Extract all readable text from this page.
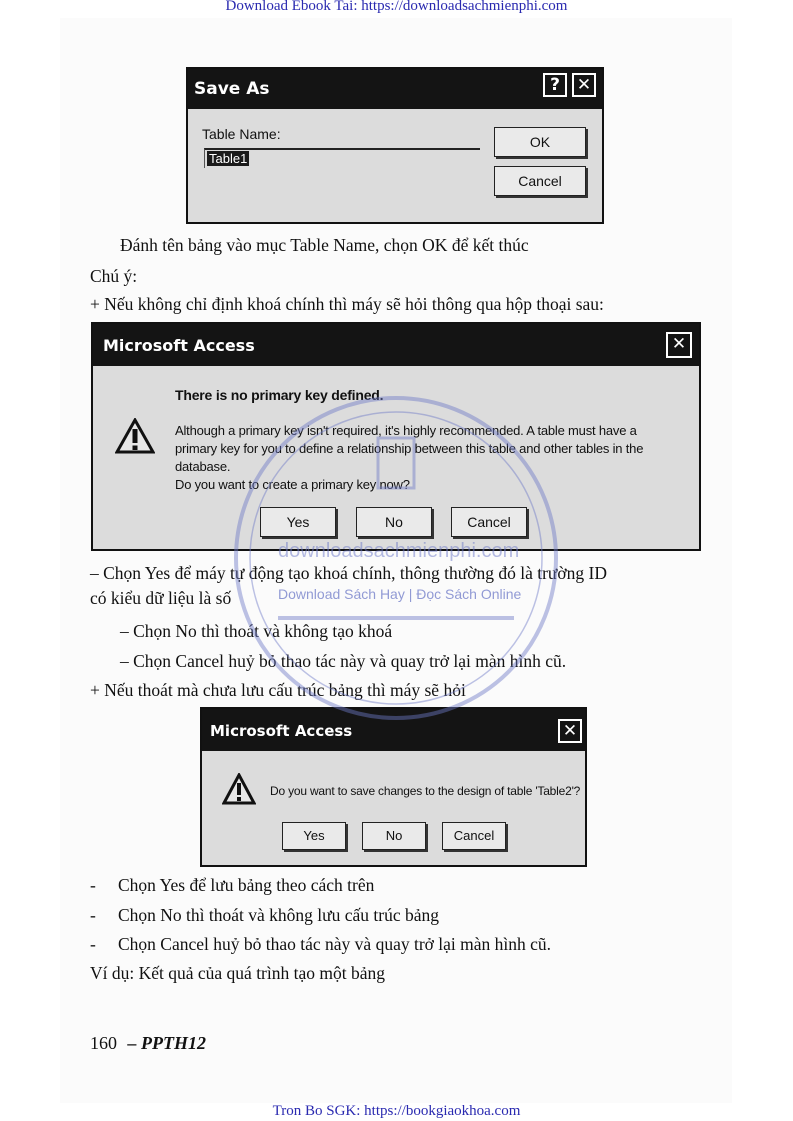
Download Ebook Tai: https://downloadsachmienphi.com
Save As	? ✕
Table Name:
Table1
OK
Cancel
Đánh tên bảng vào mục Table Name, chọn OK để kết thúc
Chú ý:
+ Nếu không chỉ định khoá chính thì máy sẽ hỏi thông qua hộp thoại sau:
Microsoft Access	✕
There is no primary key defined.
Although a primary key isn't required, it's highly recommended. A table must have a
primary key for you to define a relationship between this table and other tables in the
database.
Do you want to create a primary key now?
Yes	No	Cancel
– Chọn Yes để máy tự động tạo khoá chính, thông thường đó là trường ID
có kiểu dữ liệu là số
– Chọn No thì thoát và không tạo khoá
– Chọn Cancel huỷ bỏ thao tác này và quay trở lại màn hình cũ.
+ Nếu thoát mà chưa lưu cấu trúc bảng thì máy sẽ hỏi
Microsoft Access	✕
Do you want to save changes to the design of table 'Table2'?
Yes	No	Cancel
- Chọn Yes để lưu bảng theo cách trên
- Chọn No thì thoát và không lưu cấu trúc bảng
- Chọn Cancel huỷ bỏ thao tác này và quay trở lại màn hình cũ.
Ví dụ: Kết quả của quá trình tạo một bảng
160 – PPTH12
downloadsachmienphi.com
Download Sách Hay | Đọc Sách Online
Tron Bo SGK: https://bookgiaokhoa.com
